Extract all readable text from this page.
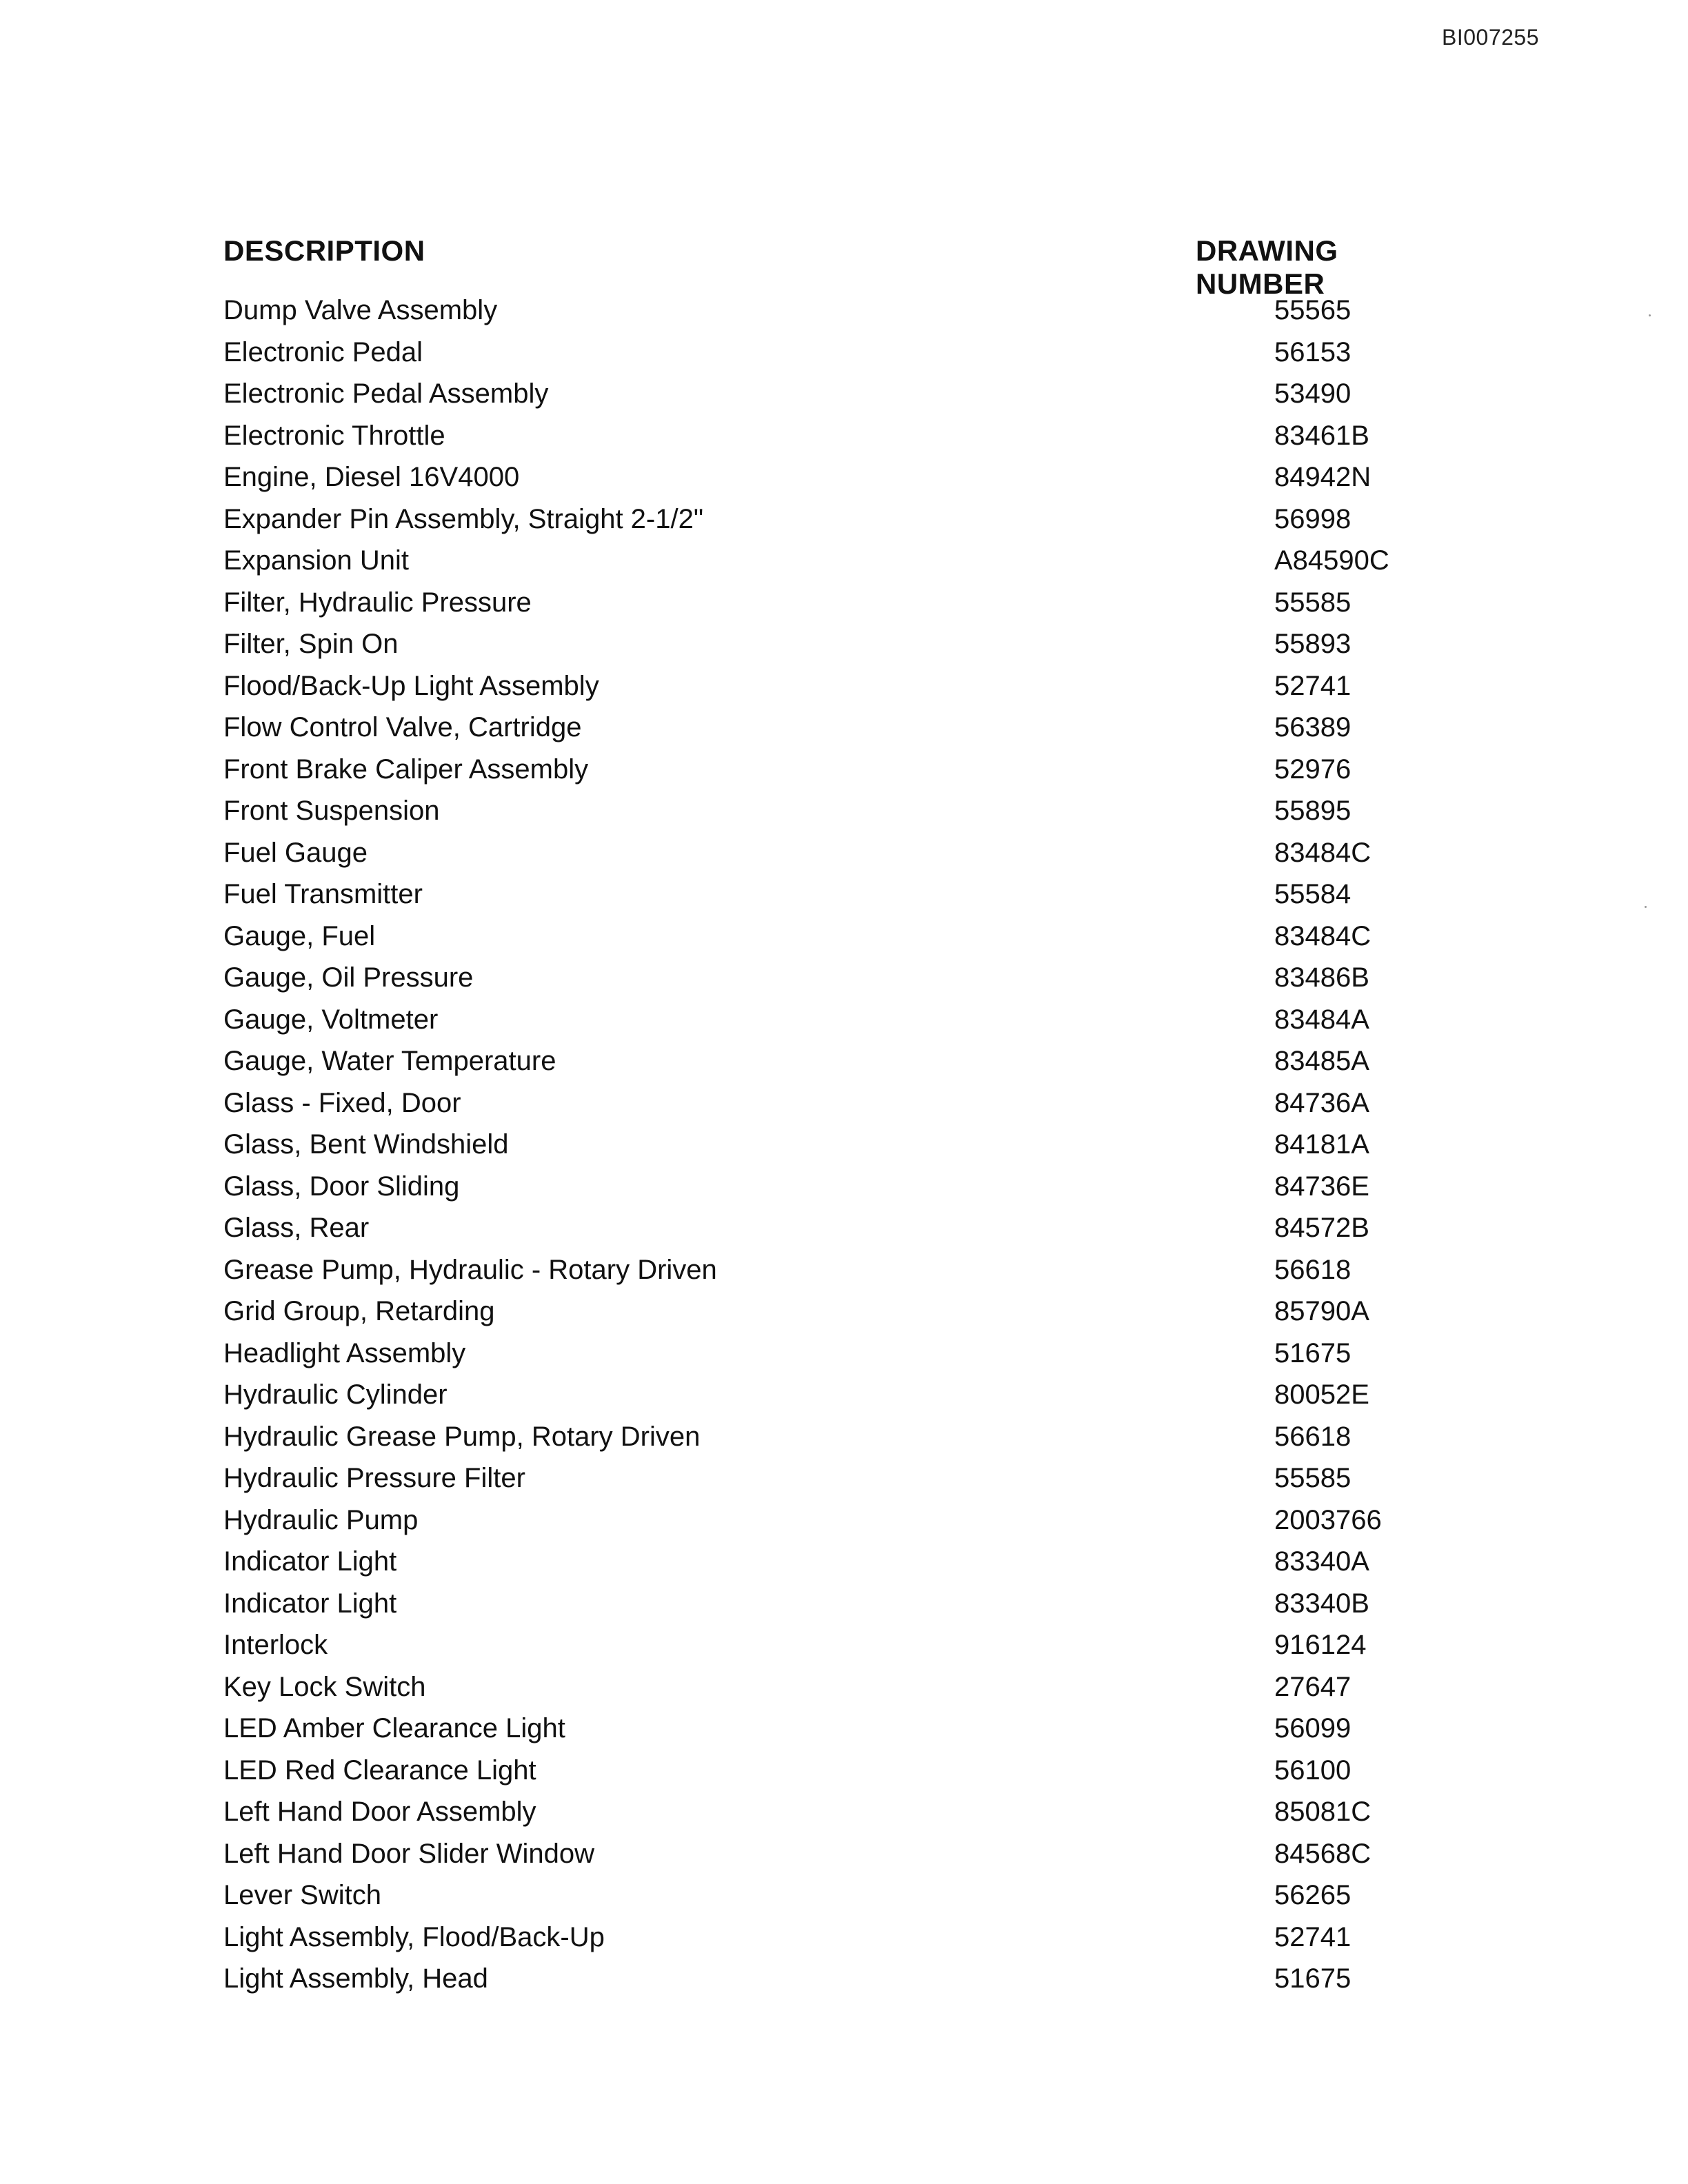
BI007255
DESCRIPTION	DRAWING NUMBER
Dump Valve Assembly	55565
Electronic Pedal	56153
Electronic Pedal Assembly	53490
Electronic Throttle	83461B
Engine, Diesel 16V4000	84942N
Expander Pin Assembly, Straight 2-1/2"	56998
Expansion Unit	A84590C
Filter, Hydraulic Pressure	55585
Filter, Spin On	55893
Flood/Back-Up Light Assembly	52741
Flow Control Valve, Cartridge	56389
Front Brake Caliper Assembly	52976
Front Suspension	55895
Fuel Gauge	83484C
Fuel Transmitter	55584
Gauge, Fuel	83484C
Gauge, Oil Pressure	83486B
Gauge, Voltmeter	83484A
Gauge, Water Temperature	83485A
Glass - Fixed, Door	84736A
Glass, Bent Windshield	84181A
Glass, Door Sliding	84736E
Glass, Rear	84572B
Grease Pump, Hydraulic - Rotary Driven	56618
Grid Group, Retarding	85790A
Headlight Assembly	51675
Hydraulic Cylinder	80052E
Hydraulic Grease Pump, Rotary Driven	56618
Hydraulic Pressure Filter	55585
Hydraulic Pump	2003766
Indicator Light	83340A
Indicator Light	83340B
Interlock	916124
Key Lock Switch	27647
LED Amber Clearance Light	56099
LED Red Clearance Light	56100
Left Hand Door Assembly	85081C
Left Hand Door Slider Window	84568C
Lever Switch	56265
Light Assembly, Flood/Back-Up	52741
Light Assembly, Head	51675
